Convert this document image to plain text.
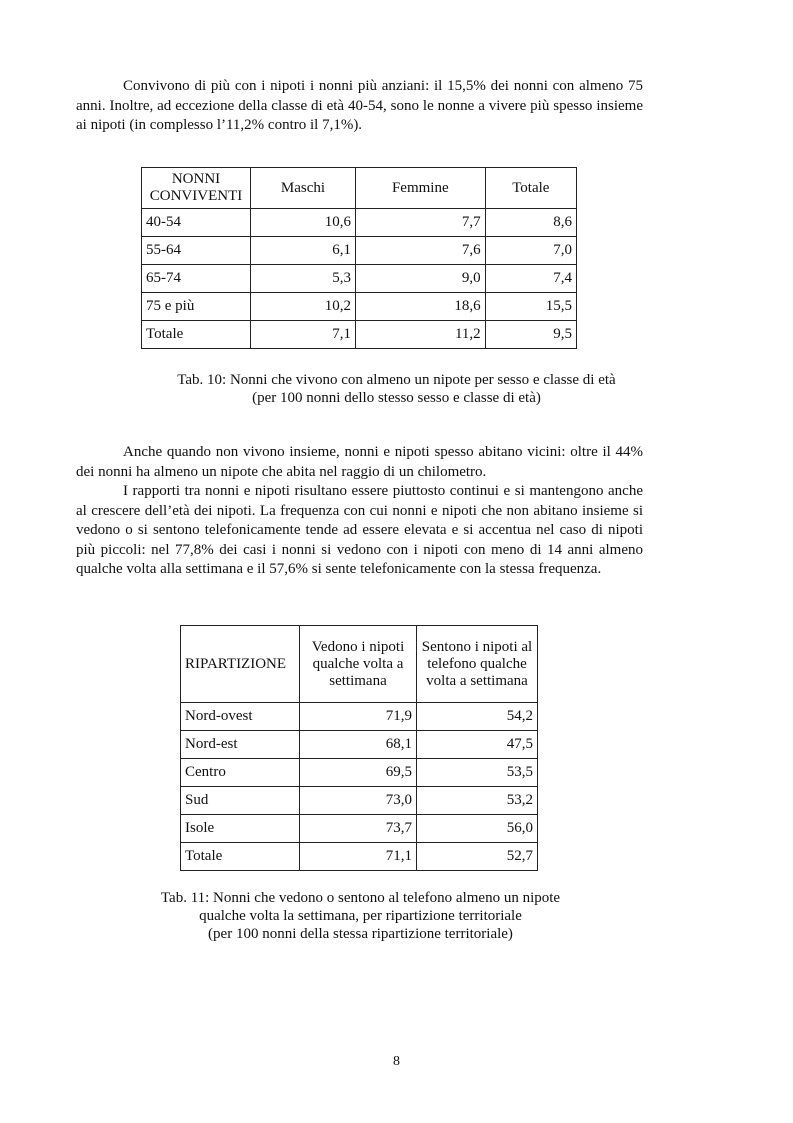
Convivono di più con i nipoti i nonni più anziani: il 15,5% dei nonni con almeno 75 anni. Inoltre, ad eccezione della classe di età 40-54, sono le nonne a vivere più spesso insieme ai nipoti (in complesso l’11,2% contro il 7,1%).

NONNI CONVIVENTI	Maschi	Femmine	Totale
40-54	10,6	7,7	8,6
55-64	6,1	7,6	7,0
65-74	5,3	9,0	7,4
75 e più	10,2	18,6	15,5
Totale	7,1	11,2	9,5
Tab. 10: Nonni che vivono con almeno un nipote per sesso e classe di età
(per 100 nonni dello stesso sesso e classe di età)

Anche quando non vivono insieme, nonni e nipoti spesso abitano vicini: oltre il 44% dei nonni ha almeno un nipote che abita nel raggio di un chilometro.

I rapporti tra nonni e nipoti risultano essere piuttosto continui e si mantengono anche al crescere dell’età dei nipoti. La frequenza con cui nonni e nipoti che non abitano insieme si vedono o si sentono telefonicamente tende ad essere elevata e si accentua nel caso di nipoti più piccoli: nel 77,8% dei casi i nonni si vedono con i nipoti con meno di 14 anni almeno qualche volta alla settimana e il 57,6% si sente telefonicamente con la stessa frequenza.

RIPARTIZIONE	Vedono i nipoti qualche volta a settimana	Sentono i nipoti al telefono qualche volta a settimana
Nord-ovest	71,9	54,2
Nord-est	68,1	47,5
Centro	69,5	53,5
Sud	73,0	53,2
Isole	73,7	56,0
Totale	71,1	52,7
Tab. 11: Nonni che vedono o sentono al telefono almeno un nipote
qualche volta la settimana, per ripartizione territoriale
(per 100 nonni della stessa ripartizione territoriale)
8
